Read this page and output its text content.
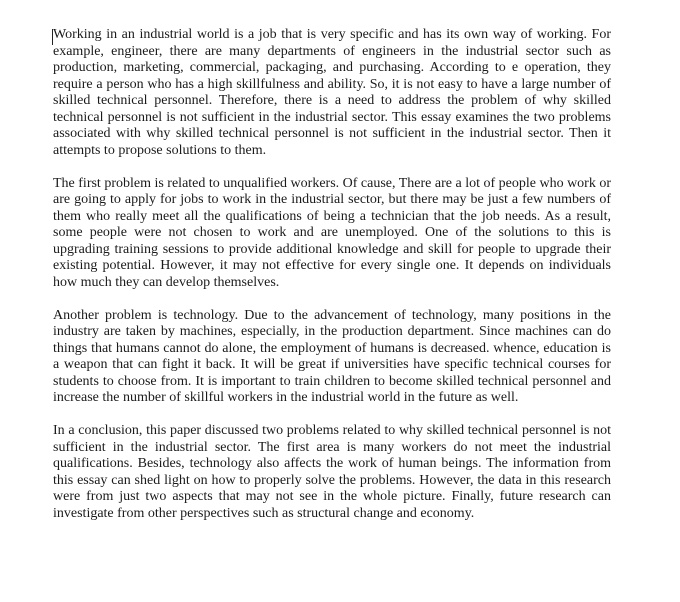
Working in an industrial world is a job that is very specific and has its own way of working. For example, engineer, there are many departments of engineers in the industrial sector such as production, marketing, commercial, packaging, and purchasing. According to e operation, they require a person who has a high skillfulness and ability. So, it is not easy to have a large number of skilled technical personnel. Therefore, there is a need to address the problem of why skilled technical personnel is not sufficient in the industrial sector. This essay examines the two problems associated with why skilled technical personnel is not sufficient in the industrial sector. Then it attempts to propose solutions to them.

The first problem is related to unqualified workers. Of cause, There are a lot of people who work or are going to apply for jobs to work in the industrial sector, but there may be just a few numbers of them who really meet all the qualifications of being a technician that the job needs. As a result, some people were not chosen to work and are unemployed. One of the solutions to this is upgrading training sessions to provide additional knowledge and skill for people to upgrade their existing potential. However, it may not effective for every single one. It depends on individuals how much they can develop themselves.

Another problem is technology. Due to the advancement of technology, many positions in the industry are taken by machines, especially, in the production department. Since machines can do things that humans cannot do alone, the employment of humans is decreased. whence, education is a weapon that can fight it back. It will be great if universities have specific technical courses for students to choose from. It is important to train children to become skilled technical personnel and increase the number of skillful workers in the industrial world in the future as well.

In a conclusion, this paper discussed two problems related to why skilled technical personnel is not sufficient in the industrial sector. The first area is many workers do not meet the industrial qualifications. Besides, technology also affects the work of human beings. The information from this essay can shed light on how to properly solve the problems. However, the data in this research were from just two aspects that may not see in the whole picture. Finally, future research can investigate from other perspectives such as structural change and economy.
